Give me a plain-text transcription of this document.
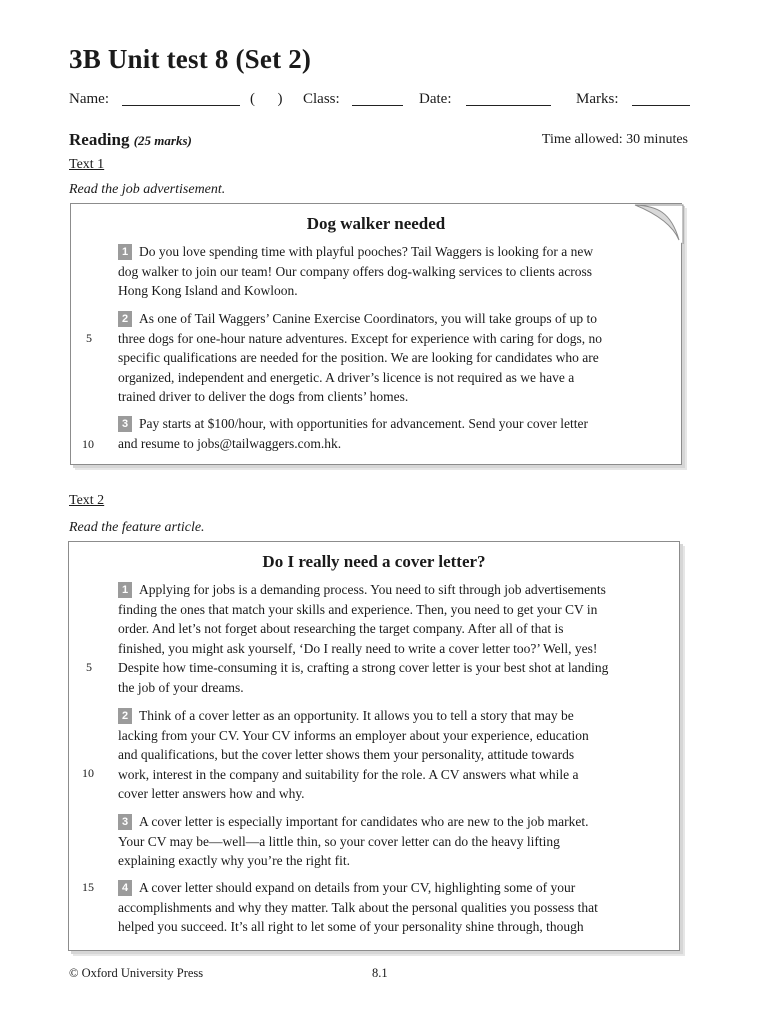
3B Unit test 8 (Set 2)
Name:	(      ) Class:	Date:	Marks:
Reading (25 marks)	Time allowed: 30 minutes
Text 1
Read the job advertisement.
Dog walker needed
1 Do you love spending time with playful pooches? Tail Waggers is looking for a new
dog walker to join our team! Our company offers dog-walking services to clients across
Hong Kong Island and Kowloon.
2 As one of Tail Waggers’ Canine Exercise Coordinators, you will take groups of up to
three dogs for one-hour nature adventures. Except for experience with caring for dogs, no
specific qualifications are needed for the position. We are looking for candidates who are
organized, independent and energetic. A driver’s licence is not required as we have a
trained driver to deliver the dogs from clients’ homes.
3 Pay starts at $100/hour, with opportunities for advancement. Send your cover letter
and resume to jobs@tailwaggers.com.hk.
5
10
Text 2
Read the feature article.
Do I really need a cover letter?
1 Applying for jobs is a demanding process. You need to sift through job advertisements
finding the ones that match your skills and experience. Then, you need to get your CV in
order. And let’s not forget about researching the target company. After all of that is
finished, you might ask yourself, ‘Do I really need to write a cover letter too?’ Well, yes!
Despite how time-consuming it is, crafting a strong cover letter is your best shot at landing
the job of your dreams.
2 Think of a cover letter as an opportunity. It allows you to tell a story that may be
lacking from your CV. Your CV informs an employer about your experience, education
and qualifications, but the cover letter shows them your personality, attitude towards
work, interest in the company and suitability for the role. A CV answers what while a
cover letter answers how and why.
3 A cover letter is especially important for candidates who are new to the job market.
Your CV may be—well—a little thin, so your cover letter can do the heavy lifting
explaining exactly why you’re the right fit.
4 A cover letter should expand on details from your CV, highlighting some of your
accomplishments and why they matter. Talk about the personal qualities you possess that
helped you succeed. It’s all right to let some of your personality shine through, though
5
10
15
© Oxford University Press	8.1
